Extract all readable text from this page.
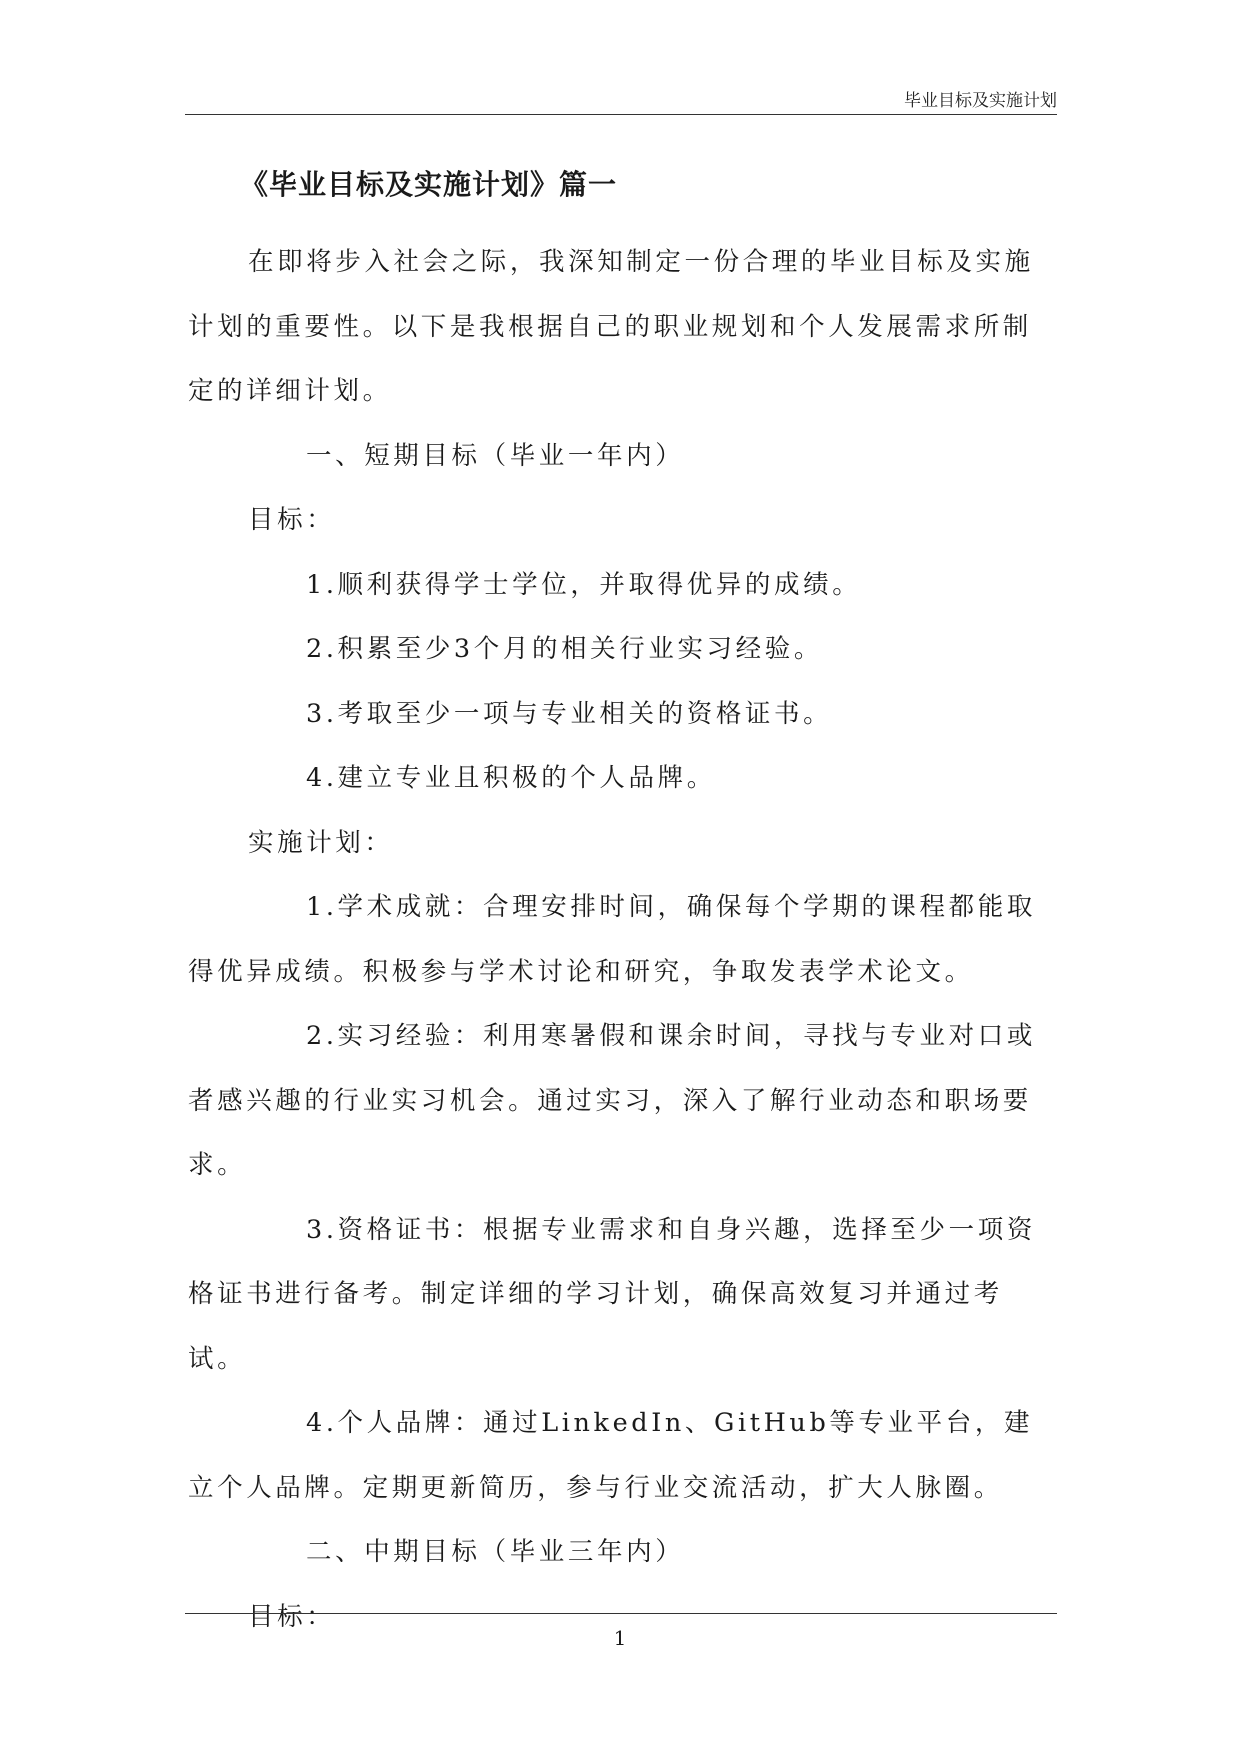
毕业目标及实施计划
《毕业目标及实施计划》篇一

在即将步入社会之际，我深知制定一份合理的毕业目标及实施计划的重要性。以下是我根据自己的职业规划和个人发展需求所制定的详细计划。

一、短期目标（毕业一年内）

目标：

1.顺利获得学士学位，并取得优异的成绩。

2.积累至少3个月的相关行业实习经验。

3.考取至少一项与专业相关的资格证书。

4.建立专业且积极的个人品牌。

实施计划：

1.学术成就：合理安排时间，确保每个学期的课程都能取得优异成绩。积极参与学术讨论和研究，争取发表学术论文。

2.实习经验：利用寒暑假和课余时间，寻找与专业对口或者感兴趣的行业实习机会。通过实习，深入了解行业动态和职场要求。

3.资格证书：根据专业需求和自身兴趣，选择至少一项资格证书进行备考。制定详细的学习计划，确保高效复习并通过考试。

4.个人品牌：通过LinkedIn、GitHub等专业平台，建立个人品牌。定期更新简历，参与行业交流活动，扩大人脉圈。

二、中期目标（毕业三年内）

目标：

1
